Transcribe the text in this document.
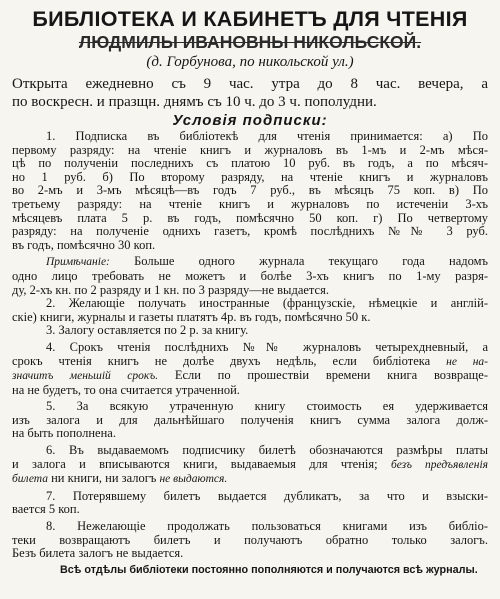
БИБЛIОТЕКА И КАБИНЕТЪ ДЛЯ ЧТЕНIЯ
ЛЮДМИЛЫ ИВАНОВНЫ НИКОЛЬСКОЙ.
(д. Горбунова, по никольской ул.)
Открыта ежедневно съ 9 час. утра до 8 час. вечера, а
по воскресн. и празщн. днямъ съ 10 ч. до 3 ч. пополудни.
Условiя подписки:
1. Подписка въ библiотекѣ для чтенiя принимается: а) По
первому разряду: на чтенiе книгъ и журналовъ въ 1-мъ и 2-мъ мѣся-
цѣ по полученiи последнихъ съ платою 10 руб. въ годъ, а по мѣсяч-
но 1 руб. б) По второму разряду, на чтенiе книгъ и журналовъ
во 2-мъ и 3-мъ мѣсяцѣ—въ годъ 7 руб., въ мѣсяцъ 75 коп. в) По
третьему разряду: на чтенiе книгъ и журналовъ по истеченiи 3-хъ
мѣсяцевъ плата 5 р. въ годъ, помѣсячно 50 коп. г) По четвертому
разряду: на полученiе однихъ газетъ, кромѣ послѣднихъ №№ 3 руб.
въ годъ, помѣсячно 30 коп.
Примѣчанiе: Больше одного журнала текущаго года надомъ
одно лицо требовать не можетъ и болѣе 3-хъ книгъ по 1-му разря-
ду, 2-хъ кн. по 2 разряду и 1 кн. по 3 разряду—не выдается.
2. Желающiе получать иностранные (французскiе, нѣмецкiе и англiй-
скiе) книги, журналы и газеты платятъ 4р. въ годъ, помѣсячно 50 к.
3. Залогу оставляется по 2 р. за книгу.
4. Срокъ чтенiя послѣднихъ №№ журналовъ четырехдневный, а
срокъ чтенiя книгъ не долѣе двухъ недѣль, если библiотека не на-
значитъ меньшiй срокъ. Если по прошествiи времени книга возвраще-
на не будетъ, то она считается утраченной.
5. За всякую утраченную книгу стоимость ея удерживается
изъ залога и для дальнѣйшаго полученiя книгъ сумма залога долж-
на быть пополнена.
6. Въ выдаваемомъ подписчику билетѣ обозначаются размѣры платы
и залога и вписываются книги, выдаваемыя для чтенiя; безъ предъявленiя
билета ни книги, ни залогъ не выдаются.
7. Потерявшему билетъ выдается дубликатъ, за что и взыски-
вается 5 коп.
8. Нежелающiе продолжать пользоваться книгами изъ библiо-
теки возвращаютъ билетъ и получаютъ обратно только залогъ.
Безъ билета залогъ не выдается.
Всѣ отдѣлы библiотеки постоянно пополняются и получаются всѣ журналы.
